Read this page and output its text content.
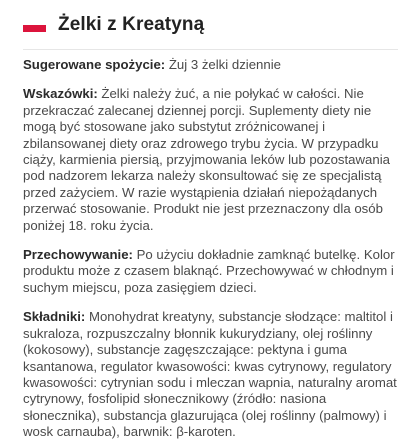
Żelki z Kreatyną
Sugerowane spożycie: Żuj 3 żelki dziennie
Wskazówki: Żelki należy żuć, a nie połykać w całości. Nie przekraczać zalecanej dziennej porcji. Suplementy diety nie mogą być stosowane jako substytut zróżnicowanej i zbilansowanej diety oraz zdrowego trybu życia. W przypadku ciąży, karmienia piersią, przyjmowania leków lub pozostawania pod nadzorem lekarza należy skonsultować się ze specjalistą przed zażyciem. W razie wystąpienia działań niepożądanych przerwać stosowanie. Produkt nie jest przeznaczony dla osób poniżej 18. roku życia.
Przechowywanie: Po użyciu dokładnie zamknąć butelkę. Kolor produktu może z czasem blaknąć. Przechowywać w chłodnym i suchym miejscu, poza zasięgiem dzieci.
Składniki: Monohydrat kreatyny, substancje słodzące: maltitol i sukraloza, rozpuszczalny błonnik kukurydziany, olej roślinny (kokosowy), substancje zagęszczające: pektyna i guma ksantanowa, regulator kwasowości: kwas cytrynowy, regulatory kwasowości: cytrynian sodu i mleczan wapnia, naturalny aromat cytrynowy, fosfolipid słonecznikowy (źródło: nasiona słonecznika), substancja glazurująca (olej roślinny (palmowy) i wosk carnauba), barwnik: β-karoten.
